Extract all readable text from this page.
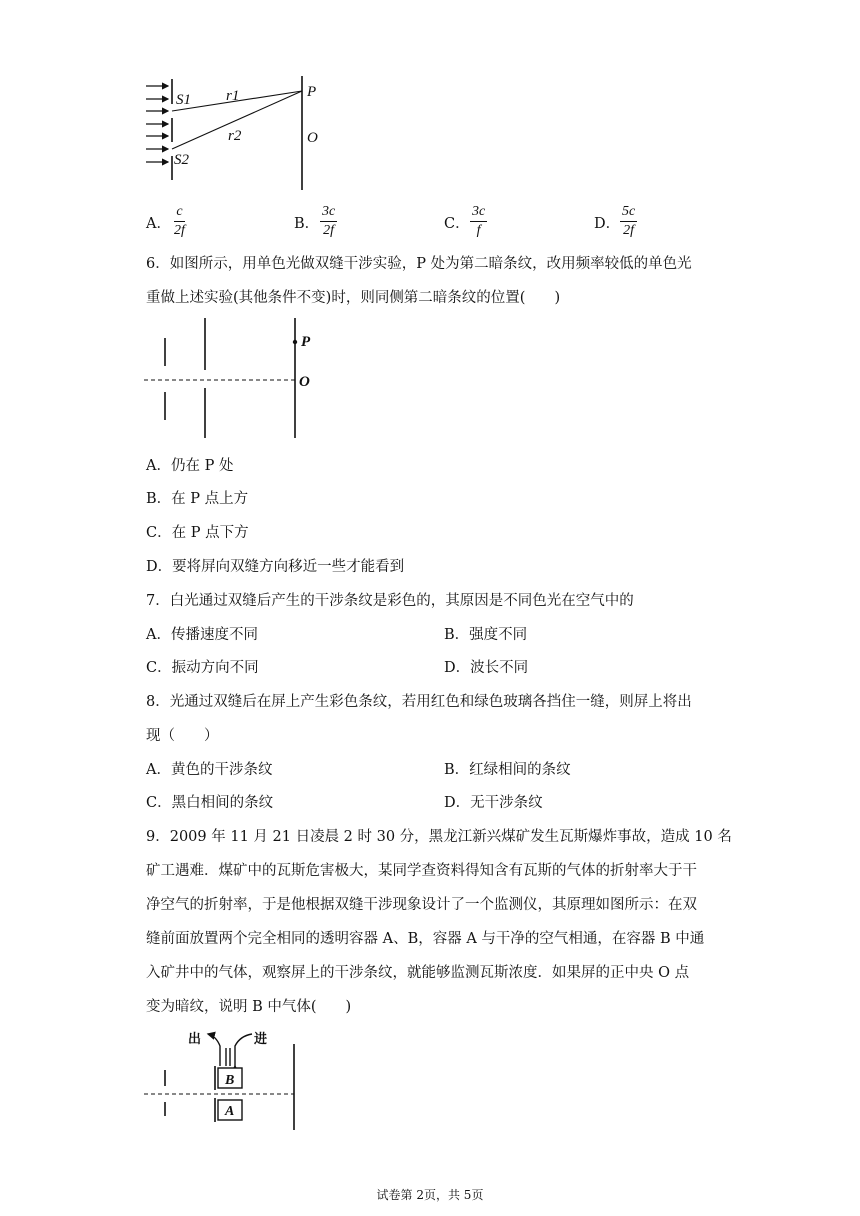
S1
S2
r1
r2
P
O
A． $\frac{c}{2f}$	B． $\frac{3c}{2f}$	C． $\frac{3c}{f}$	D． $\frac{5c}{2f}$
6．如图所示，用单色光做双缝干涉实验，P 处为第二暗条纹，改用频率较低的单色光
重做上述实验(其他条件不变)时，则同侧第二暗条纹的位置(　　)
P
O
A．仍在 P 处
B．在 P 点上方
C．在 P 点下方
D．要将屏向双缝方向移近一些才能看到
7．白光通过双缝后产生的干涉条纹是彩色的，其原因是不同色光在空气中的
A．传播速度不同	B．强度不同
C．振动方向不同	D．波长不同
8．光通过双缝后在屏上产生彩色条纹，若用红色和绿色玻璃各挡住一缝，则屏上将出
现（　　）
A．黄色的干涉条纹	B．红绿相间的条纹
C．黑白相间的条纹	D．无干涉条纹
9．2009 年 11 月 21 日凌晨 2 时 30 分，黑龙江新兴煤矿发生瓦斯爆炸事故，造成 10 名
矿工遇难．煤矿中的瓦斯危害极大，某同学查资料得知含有瓦斯的气体的折射率大于干
净空气的折射率，于是他根据双缝干涉现象设计了一个监测仪，其原理如图所示：在双
缝前面放置两个完全相同的透明容器 A、B，容器 A 与干净的空气相通，在容器 B 中通
入矿井中的气体，观察屏上的干涉条纹，就能够监测瓦斯浓度．如果屏的正中央 O 点
变为暗纹，说明 B 中气体(　　)
出	进
B
A
试卷第 2页，共 5页
